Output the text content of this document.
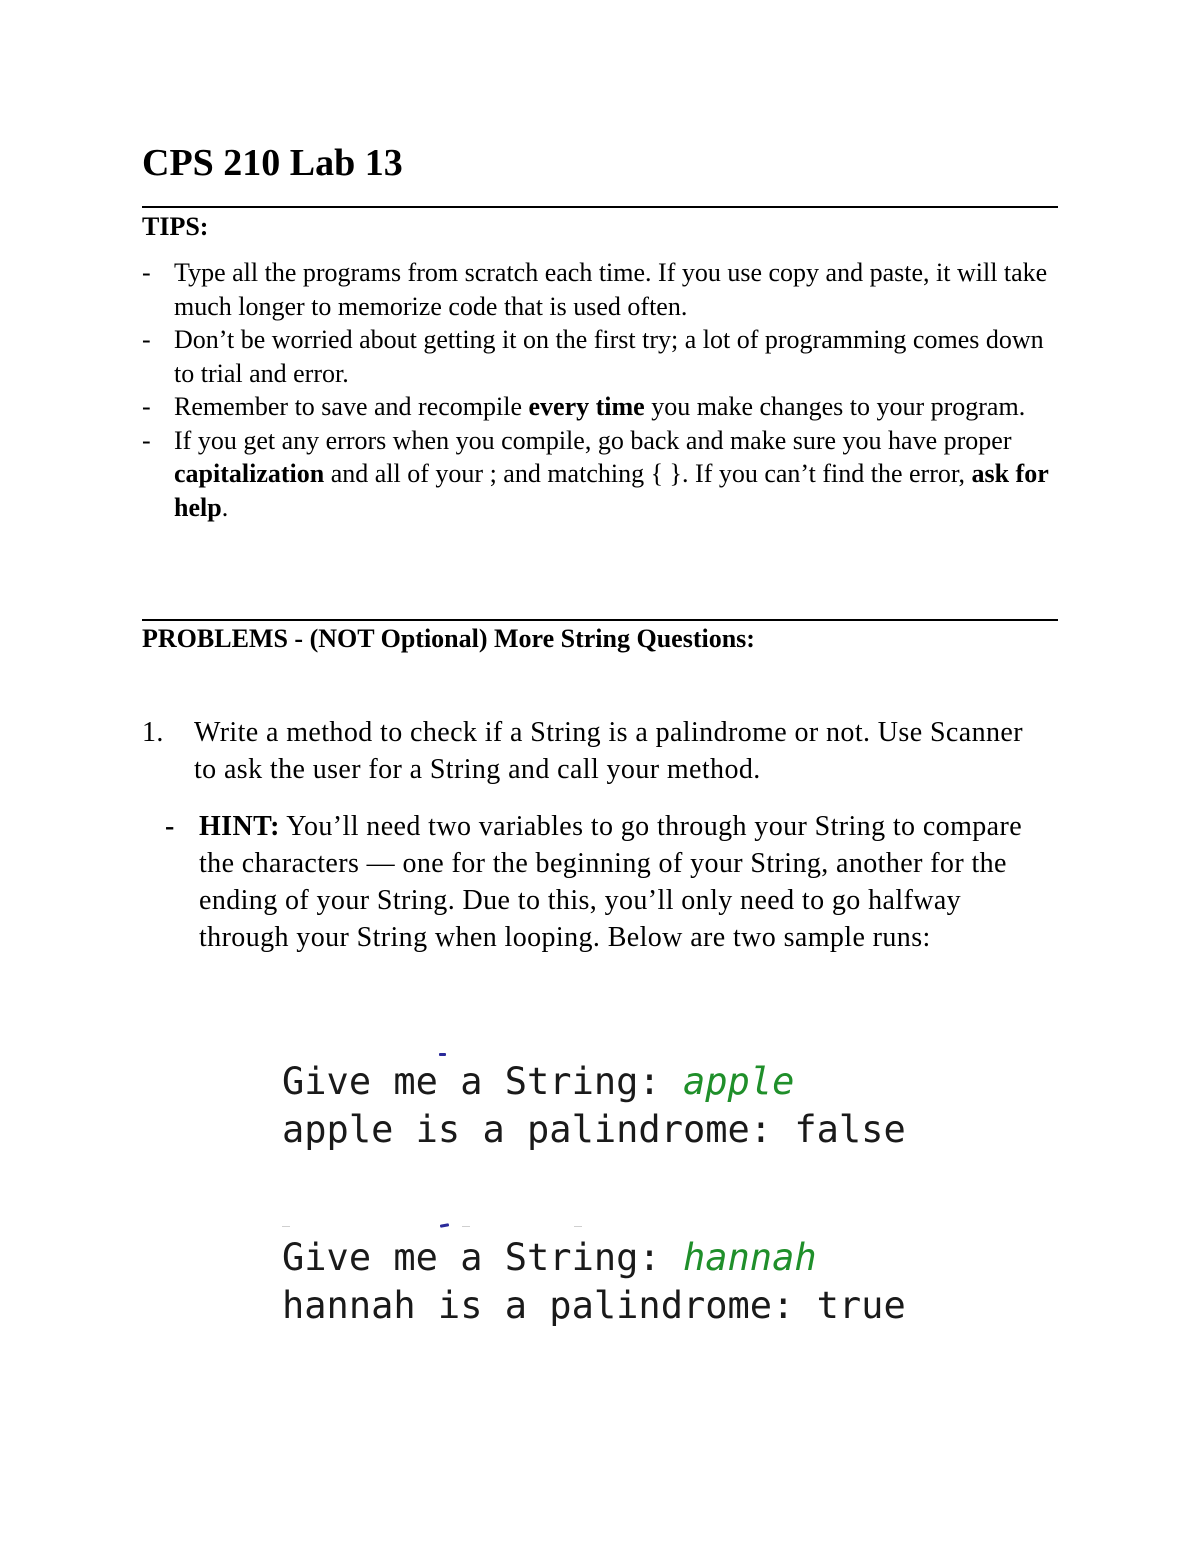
CPS 210 Lab 13
TIPS:
- Type all the programs from scratch each time. If you use copy and paste, it will take much longer to memorize code that is used often.
- Don’t be worried about getting it on the first try; a lot of programming comes down to trial and error.
- Remember to save and recompile every time you make changes to your program.
- If you get any errors when you compile, go back and make sure you have proper capitalization and all of your ; and matching { }. If you can’t find the error, ask for help.
PROBLEMS - (NOT Optional) More String Questions:
1.	Write a method to check if a String is a palindrome or not. Use Scanner to ask the user for a String and call your method.
- HINT: You’ll need two variables to go through your String to compare the characters — one for the beginning of your String, another for the ending of your String. Due to this, you’ll only need to go halfway through your String when looping. Below are two sample runs:
Give me a String: apple
apple is a palindrome: false
Give me a String: hannah
hannah is a palindrome: true
